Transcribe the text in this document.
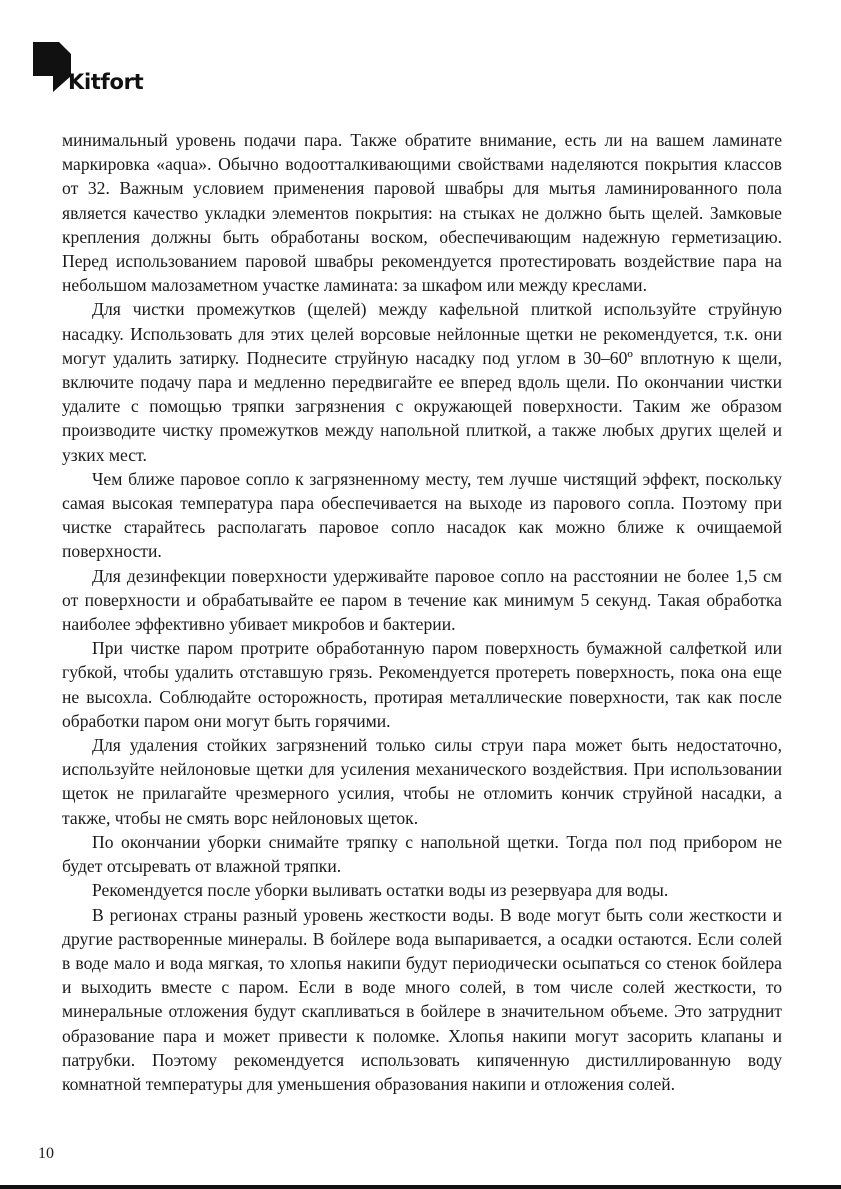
Kitfort

минимальный уровень подачи пара. Также обратите внимание, есть ли на вашем ламинате маркировка «aqua». Обычно водоотталкивающими свойствами наделяются покрытия классов от 32. Важным условием применения паровой швабры для мытья ламинированного пола является качество укладки элементов покрытия: на стыках не должно быть щелей. Замковые крепления должны быть обработаны воском, обеспечивающим надежную герметизацию. Перед использованием паровой швабры рекомендуется протестировать воздействие пара на небольшом малозаметном участке ламината: за шкафом или между креслами.

Для чистки промежутков (щелей) между кафельной плиткой используйте струйную насадку. Использовать для этих целей ворсовые нейлонные щетки не рекомендуется, т.к. они могут удалить затирку. Поднесите струйную насадку под углом в 30–60º вплотную к щели, включите подачу пара и медленно передвигайте ее вперед вдоль щели. По окончании чистки удалите с помощью тряпки загрязнения с окружающей поверхности. Таким же образом производите чистку промежутков между напольной плиткой, а также любых других щелей и узких мест.

Чем ближе паровое сопло к загрязненному месту, тем лучше чистящий эффект, поскольку самая высокая температура пара обеспечивается на выходе из парового сопла. Поэтому при чистке старайтесь располагать паровое сопло насадок как можно ближе к очищаемой поверхности.

Для дезинфекции поверхности удерживайте паровое сопло на расстоянии не более 1,5 см от поверхности и обрабатывайте ее паром в течение как минимум 5 секунд. Такая обработка наиболее эффективно убивает микробов и бактерии.

При чистке паром протрите обработанную паром поверхность бумажной салфеткой или губкой, чтобы удалить отставшую грязь. Рекомендуется протереть поверхность, пока она еще не высохла. Соблюдайте осторожность, протирая металлические поверхности, так как после обработки паром они могут быть горячими.

Для удаления стойких загрязнений только силы струи пара может быть недостаточно, используйте нейлоновые щетки для усиления механического воздействия. При использовании щеток не прилагайте чрезмерного усилия, чтобы не отломить кончик струйной насадки, а также, чтобы не смять ворс нейлоновых щеток.

По окончании уборки снимайте тряпку с напольной щетки. Тогда пол под прибором не будет отсыревать от влажной тряпки.

Рекомендуется после уборки выливать остатки воды из резервуара для воды.

В регионах страны разный уровень жесткости воды. В воде могут быть соли жесткости и другие растворенные минералы. В бойлере вода выпаривается, а осадки остаются. Если солей в воде мало и вода мягкая, то хлопья накипи будут периодически осыпаться со стенок бойлера и выходить вместе с паром. Если в воде много солей, в том числе солей жесткости, то минеральные отложения будут скапливаться в бойлере в значительном объеме. Это затруднит образование пара и может привести к поломке. Хлопья накипи могут засорить клапаны и патрубки. Поэтому рекомендуется использовать кипяченную дистиллированную воду комнатной температуры для уменьшения образования накипи и отложения солей.

10
